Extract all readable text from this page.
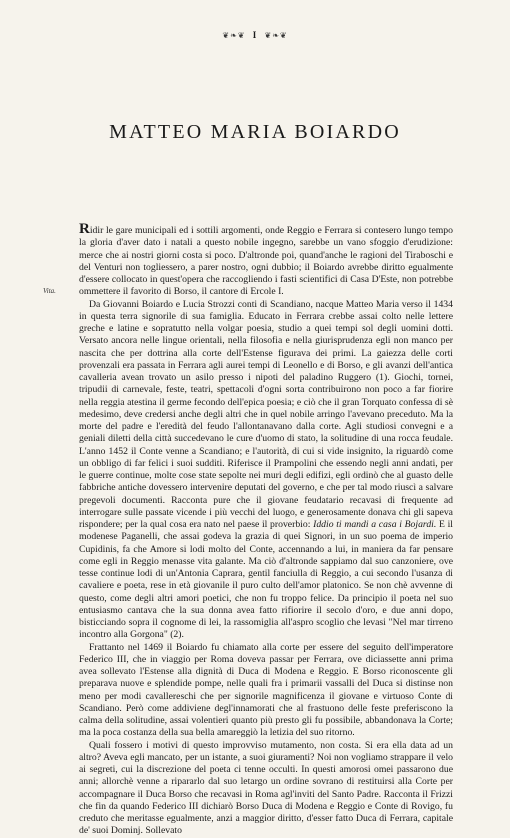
❦❧❦ I ❦❧❦
MATTEO MARIA BOIARDO
Vita.

Ridir le gare municipali ed i sottili argomenti, onde Reggio e Ferrara si contesero lungo tempo la gloria d'aver dato i natali a questo nobile ingegno, sarebbe un vano sfoggio d'erudizione: merce che ai nostri giorni costa si poco. D'altronde poi, quand'anche le ragioni del Tiraboschi e del Venturi non togliessero, a parer nostro, ogni dubbio; il Boiardo avrebbe diritto egualmente d'essere collocato in quest'opera che raccogliendo i fasti scientifici di Casa D'Este, non potrebbe ommettere il favorito di Borso, il cantore di Ercole I.

Da Giovanni Boiardo e Lucia Strozzi conti di Scandiano, nacque Matteo Maria verso il 1434 in questa terra signorile di sua famiglia. Educato in Ferrara crebbe assai colto nelle lettere greche e latine e sopratutto nella volgar poesia, studio a quei tempi sol degli uomini dotti. Versato ancora nelle lingue orientali, nella filosofia e nella giurisprudenza egli non manco per nascita che per dottrina alla corte dell'Estense figurava dei primi. La gaiezza delle corti provenzali era passata in Ferrara agli aurei tempi di Leonello e di Borso, e gli avanzi dell'antica cavalleria avean trovato un asilo presso i nipoti del paladino Ruggero (1). Giochi, tornei, tripudii di carnevale, feste, teatri, spettacoli d'ogni sorta contribuirono non poco a far fiorire nella reggia atestina il germe fecondo dell'epica poesia; e ciò che il gran Torquato confessa di sè medesimo, deve credersi anche degli altri che in quel nobile arringo l'avevano preceduto. Ma la morte del padre e l'eredità del feudo l'allontanavano dalla corte. Agli studiosi convegni e a geniali diletti della città succedevano le cure d'uomo di stato, la solitudine di una rocca feudale. L'anno 1452 il Conte venne a Scandiano; e l'autorità, di cui si vide insignito, la riguardò come un obbligo di far felici i suoi sudditi. Riferisce il Prampolini che essendo negli anni andati, per le guerre continue, molte cose state sepolte nei muri degli edifizi, egli ordinò che al guasto delle fabbriche antiche dovessero intervenire deputati del governo, e che per tal modo riuscì a salvare pregevoli documenti. Racconta pure che il giovane feudatario recavasi di frequente ad interrogare sulle passate vicende i più vecchi del luogo, e generosamente donava chi gli sapeva rispondere; per la qual cosa era nato nel paese il proverbio: Iddio ti mandi a casa i Bojardi. E il modenese Paganelli, che assai godeva la grazia di quei Signori, in un suo poema de imperio Cupidinis, fa che Amore si lodi molto del Conte, accennando a lui, in maniera da far pensare come egli in Reggio menasse vita galante. Ma ciò d'altronde sappiamo dal suo canzoniere, ove tesse continue lodi di un'Antonia Caprara, gentil fanciulla di Reggio, a cui secondo l'usanza di cavaliere e poeta, rese in età giovanile il puro culto dell'amor platonico. Se non chè avvenne di questo, come degli altri amori poetici, che non fu troppo felice. Da principio il poeta nel suo entusiasmo cantava che la sua donna avea fatto rifiorire il secolo d'oro, e due anni dopo, bisticciando sopra il cognome di lei, la rassomiglia all'aspro scoglio che levasi "Nel mar tirreno incontro alla Gorgona" (2).

Frattanto nel 1469 il Boiardo fu chiamato alla corte per essere del seguito dell'imperatore Federico III, che in viaggio per Roma doveva passar per Ferrara, ove diciassette anni prima avea sollevato l'Estense alla dignità di Duca di Modena e Reggio. E Borso riconoscente gli preparava nuove e splendide pompe, nelle quali fra i primarii vassalli del Duca si distinse non meno per modi cavallereschi che per signorile magnificenza il giovane e virtuoso Conte di Scandiano. Però come addiviene degl'innamorati che al frastuono delle feste preferiscono la calma della solitudine, assai volentieri quanto più presto gli fu possibile, abbandonava la Corte; ma la poca costanza della sua bella amareggiò la letizia del suo ritorno.

Quali fossero i motivi di questo improvviso mutamento, non costa. Si era ella data ad un altro? Aveva egli mancato, per un istante, a suoi giuramenti? Noi non vogliamo strappare il velo ai segreti, cui la discrezione del poeta ci tenne occulti. In questi amorosi omei passarono due anni; allorchè venne a ripararlo dal suo letargo un ordine sovrano di restituirsi alla Corte per accompagnare il Duca Borso che recavasi in Roma agl'inviti del Santo Padre. Racconta il Frizzi che fin da quando Federico III dichiarò Borso Duca di Modena e Reggio e Conte di Rovigo, fu creduto che meritasse egualmente, anzi a maggior diritto, d'esser fatto Duca di Ferrara, capitale de' suoi Dominj. Sollevato
